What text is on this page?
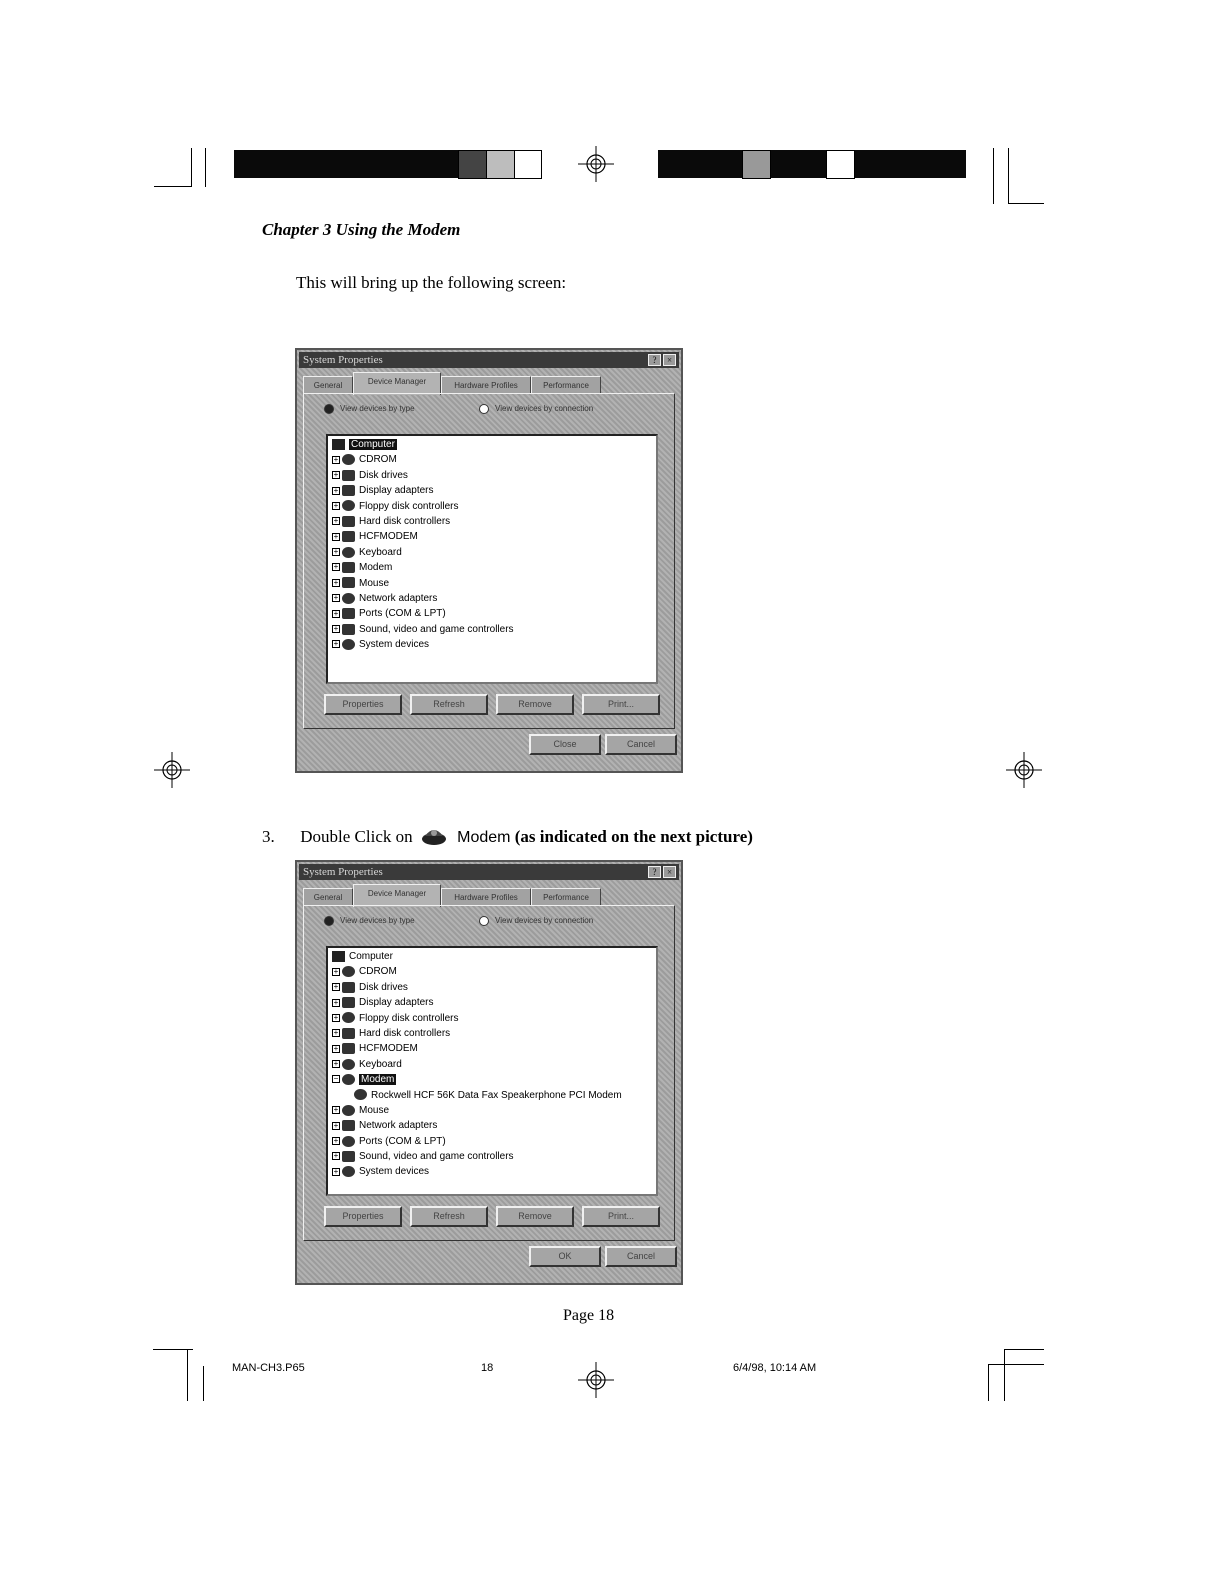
Chapter 3 Using the Modem
This will bring up the following screen:
System Properties	?	×
General	Device Manager	Hardware Profiles	Performance
View devices by type	View devices by connection
Computer
+ CDROM
+ Disk drives
+ Display adapters
+ Floppy disk controllers
+ Hard disk controllers
+ HCFMODEM
+ Keyboard
+ Modem
+ Mouse
+ Network adapters
+ Ports (COM & LPT)
+ Sound, video and game controllers
+ System devices
Properties	Refresh	Remove	Print...
Close	Cancel
3. Double Click on	Modem (as indicated on the next picture)
System Properties	?	×
General	Device Manager	Hardware Profiles	Performance
View devices by type	View devices by connection
Computer
+ CDROM
+ Disk drives
+ Display adapters
+ Floppy disk controllers
+ Hard disk controllers
+ HCFMODEM
+ Keyboard
− Modem
Rockwell HCF 56K Data Fax Speakerphone PCI Modem
+ Mouse
+ Network adapters
+ Ports (COM & LPT)
+ Sound, video and game controllers
+ System devices
Properties	Refresh	Remove	Print...
OK	Cancel
Page 18
MAN-CH3.P65	18	6/4/98, 10:14 AM
